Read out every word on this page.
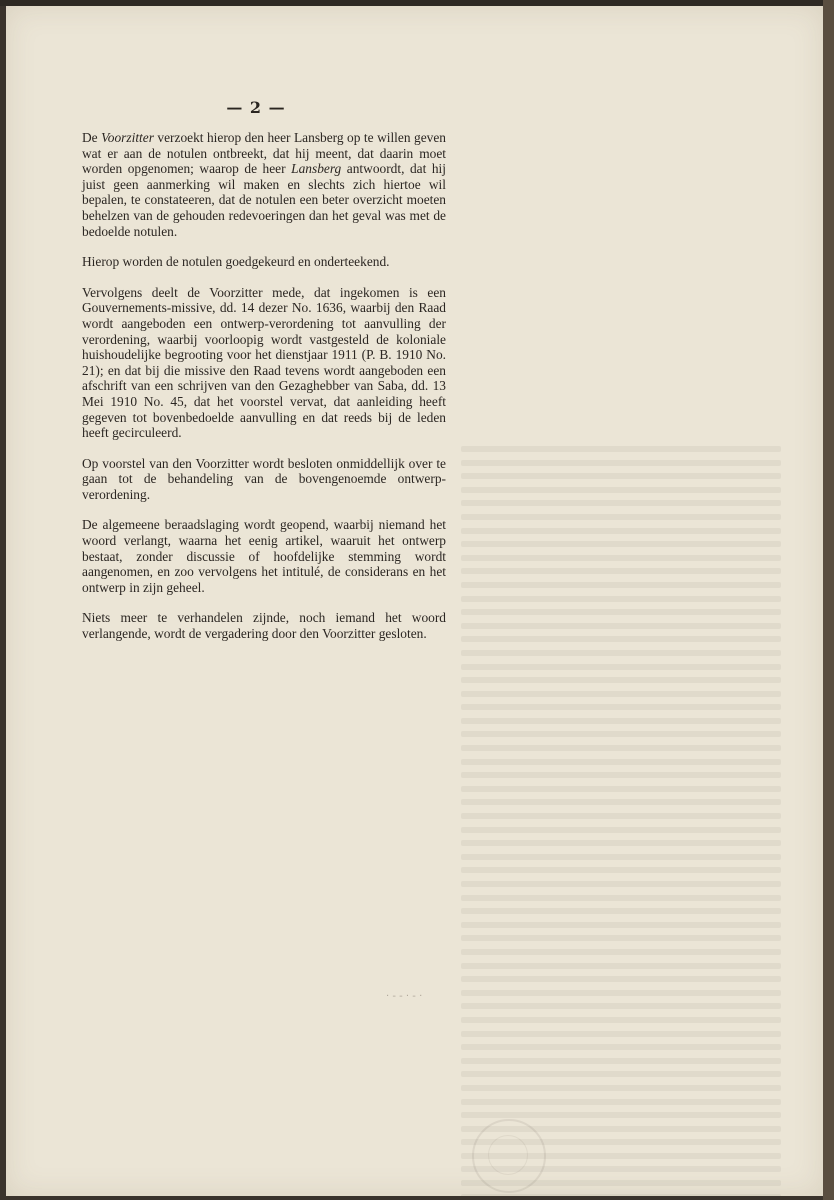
· ‑ ‑ · ‑ ·
— 2 —

De Voorzitter verzoekt hierop den heer Lansberg op te willen geven wat er aan de notulen ontbreekt, dat hij meent, dat daarin moet worden opgenomen; waarop de heer Lansberg antwoordt, dat hij juist geen aanmerking wil maken en slechts zich hiertoe wil bepalen, te constateeren, dat de notulen een beter overzicht moeten behelzen van de gehouden redevoeringen dan het geval was met de bedoelde notulen.

Hierop worden de notulen goedgekeurd en onderteekend.

Vervolgens deelt de Voorzitter mede, dat ingekomen is een Gouvernements-missive, dd. 14 dezer No. 1636, waarbij den Raad wordt aangeboden een ontwerp-verordening tot aanvulling der verordening, waarbij voorloopig wordt vastgesteld de koloniale huishoudelijke begrooting voor het dienstjaar 1911 (P. B. 1910 No. 21); en dat bij die missive den Raad tevens wordt aangeboden een afschrift van een schrijven van den Gezaghebber van Saba, dd. 13 Mei 1910 No. 45, dat het voorstel vervat, dat aanleiding heeft gegeven tot bovenbedoelde aanvulling en dat reeds bij de leden heeft gecirculeerd.

Op voorstel van den Voorzitter wordt besloten onmiddellijk over te gaan tot de behandeling van de bovengenoemde ontwerp-verordening.

De algemeene beraadslaging wordt geopend, waarbij niemand het woord verlangt, waarna het eenig artikel, waaruit het ontwerp bestaat, zonder discussie of hoofdelijke stemming wordt aangenomen, en zoo vervolgens het intitulé, de considerans en het ontwerp in zijn geheel.

Niets meer te verhandelen zijnde, noch iemand het woord verlangende, wordt de vergadering door den Voorzitter gesloten.
